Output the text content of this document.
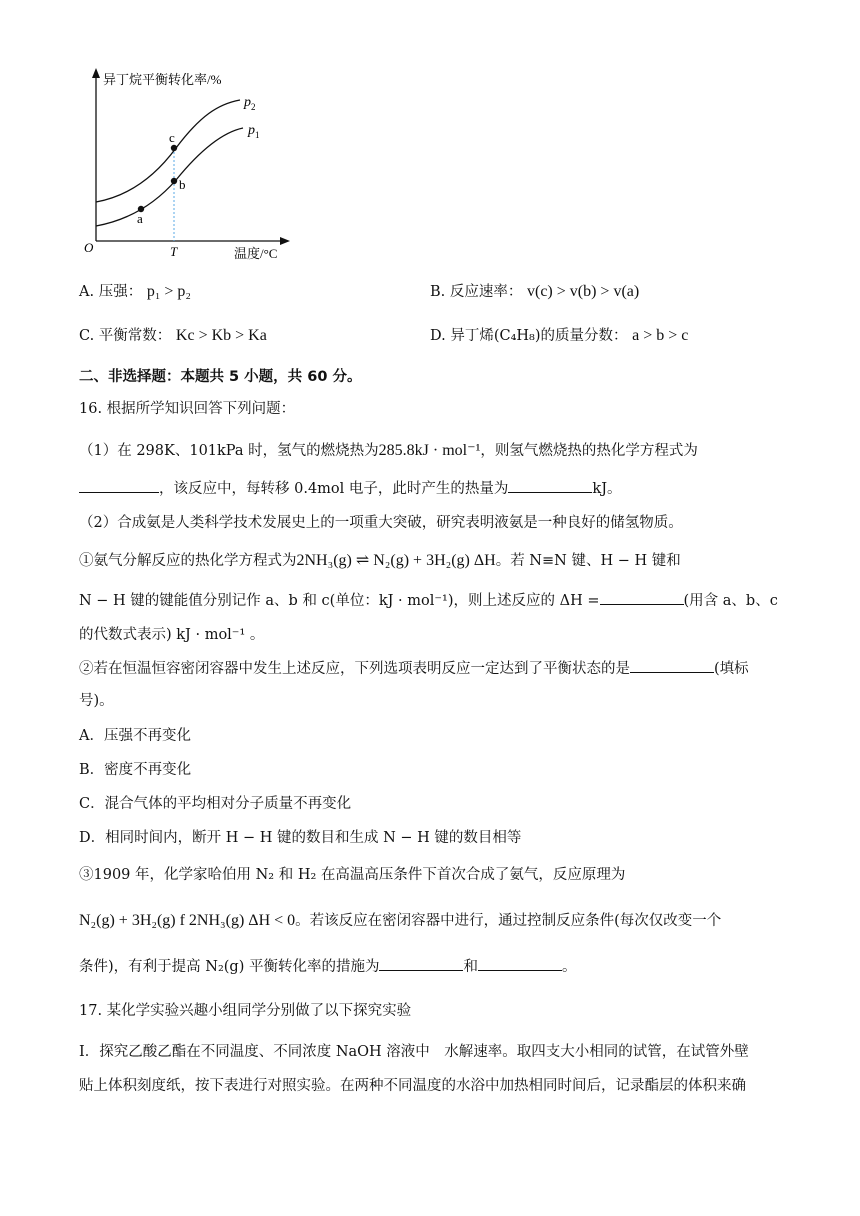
异丁烷平衡转化率/%
温度/°C
O	T
a
b
c
$p_2$
$p_1$
A. 压强： p₁ > p₂	B. 反应速率： v(c) > v(b) > v(a)
C. 平衡常数： Kc > Kb > Ka	D. 异丁烯(C₄H₈)的质量分数： a > b > c
二、非选择题：本题共 5 小题，共 60 分。
16. 根据所学知识回答下列问题：
（1）在 298K、101kPa 时，氢气的燃烧热为285.8kJ · mol⁻¹，则氢气燃烧热的热化学方程式为
，该反应中，每转移 0.4mol 电子，此时产生的热量为	kJ。
（2）合成氨是人类科学技术发展史上的一项重大突破，研究表明液氨是一种良好的储氢物质。
①氨气分解反应的热化学方程式为2NH₃(g) ⇌ N₂(g) + 3H₂(g) ΔH。若 N≡N 键、H − H 键和
N − H 键的键能值分别记作 a、b 和 c(单位：kJ · mol⁻¹)，则上述反应的 ΔH =	(用含 a、b、c
的代数式表示) kJ · mol⁻¹ 。
②若在恒温恒容密闭容器中发生上述反应，下列选项表明反应一定达到了平衡状态的是	(填标
号)。
A．压强不再变化
B．密度不再变化
C．混合气体的平均相对分子质量不再变化
D．相同时间内，断开 H − H 键的数目和生成 N − H 键的数目相等
③1909 年，化学家哈伯用 N₂ 和 H₂ 在高温高压条件下首次合成了氨气，反应原理为
N₂(g) + 3H₂(g) f 2NH₃(g) ΔH < 0。若该反应在密闭容器中进行，通过控制反应条件(每次仅改变一个
条件)，有利于提高 N₂(g) 平衡转化率的措施为	和	。
17. 某化学实验兴趣小组同学分别做了以下探究实验
Ⅰ．探究乙酸乙酯在不同温度、不同浓度 NaOH 溶液中　水解速率。取四支大小相同的试管，在试管外壁
贴上体积刻度纸，按下表进行对照实验。在两种不同温度的水浴中加热相同时间后，记录酯层的体积来确
